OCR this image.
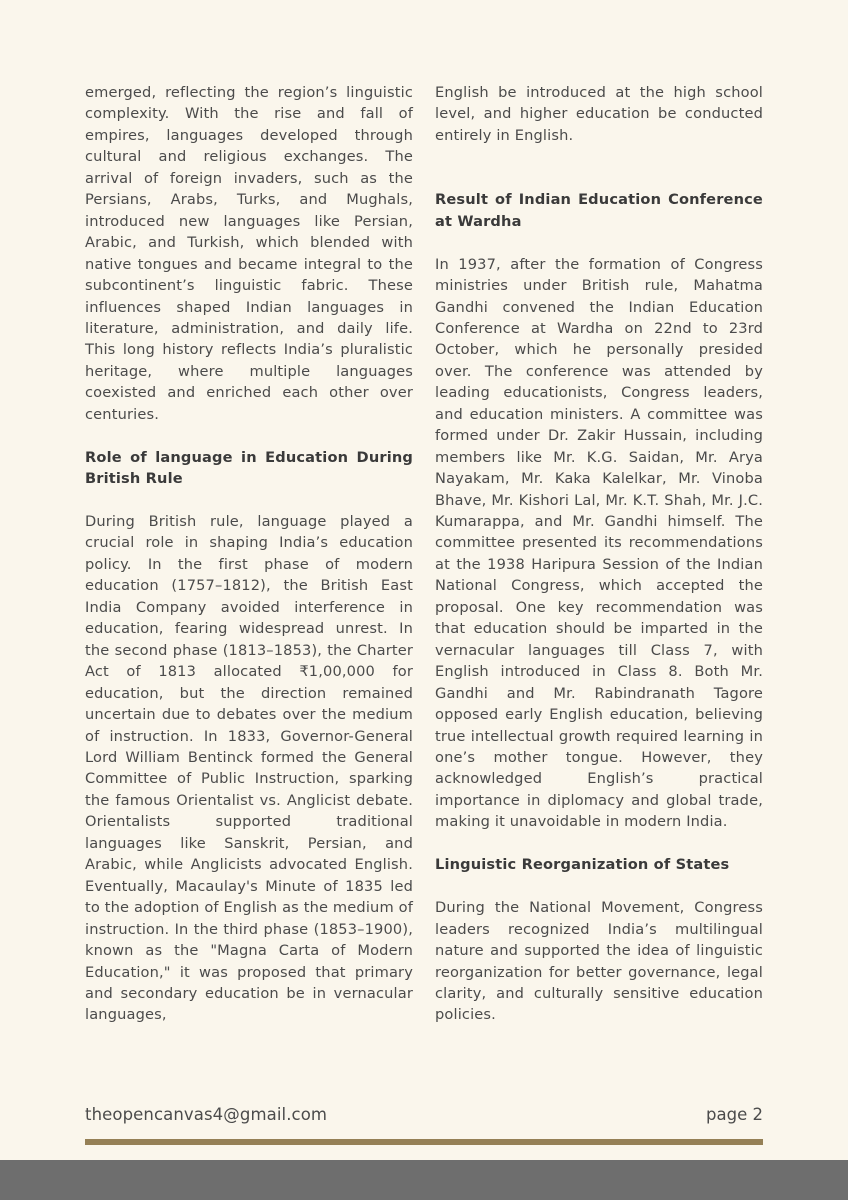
emerged, reflecting the region’s linguistic complexity. With the rise and fall of empires, languages developed through cultural and religious exchanges. The arrival of foreign invaders, such as the Persians, Arabs, Turks, and Mughals, introduced new languages like Persian, Arabic, and Turkish, which blended with native tongues and became integral to the subcontinent’s linguistic fabric. These influences shaped Indian languages in literature, administration, and daily life. This long history reflects India’s pluralistic heritage, where multiple languages coexisted and enriched each other over centuries.

Role of language in Education During British Rule

During British rule, language played a crucial role in shaping India’s education policy. In the first phase of modern education (1757–1812), the British East India Company avoided interference in education, fearing widespread unrest. In the second phase (1813–1853), the Charter Act of 1813 allocated ₹1,00,000 for education, but the direction remained uncertain due to debates over the medium of instruction. In 1833, Governor-General Lord William Bentinck formed the General Committee of Public Instruction, sparking the famous Orientalist vs. Anglicist debate. Orientalists supported traditional languages like Sanskrit, Persian, and Arabic, while Anglicists advocated English. Eventually, Macaulay's Minute of 1835 led to the adoption of English as the medium of instruction. In the third phase (1853–1900), known as the "Magna Carta of Modern Education," it was proposed that primary and secondary education be in vernacular languages,

English be introduced at the high school level, and higher education be conducted entirely in English.

Result of Indian Education Conference at Wardha

In 1937, after the formation of Congress ministries under British rule, Mahatma Gandhi convened the Indian Education Conference at Wardha on 22nd to 23rd October, which he personally presided over. The conference was attended by leading educationists, Congress leaders, and education ministers. A committee was formed under Dr. Zakir Hussain, including members like Mr. K.G. Saidan, Mr. Arya Nayakam, Mr. Kaka Kalelkar, Mr. Vinoba Bhave, Mr. Kishori Lal, Mr. K.T. Shah, Mr. J.C. Kumarappa, and Mr. Gandhi himself. The committee presented its recommendations at the 1938 Haripura Session of the Indian National Congress, which accepted the proposal. One key recommendation was that education should be imparted in the vernacular languages till Class 7, with English introduced in Class 8. Both Mr. Gandhi and Mr. Rabindranath Tagore opposed early English education, believing true intellectual growth required learning in one’s mother tongue. However, they acknowledged English’s practical importance in diplomacy and global trade, making it unavoidable in modern India.

Linguistic Reorganization of States

During the National Movement, Congress leaders recognized India’s multilingual nature and supported the idea of linguistic reorganization for better governance, legal clarity, and culturally sensitive education policies.

theopencanvas4@gmail.com	page 2
